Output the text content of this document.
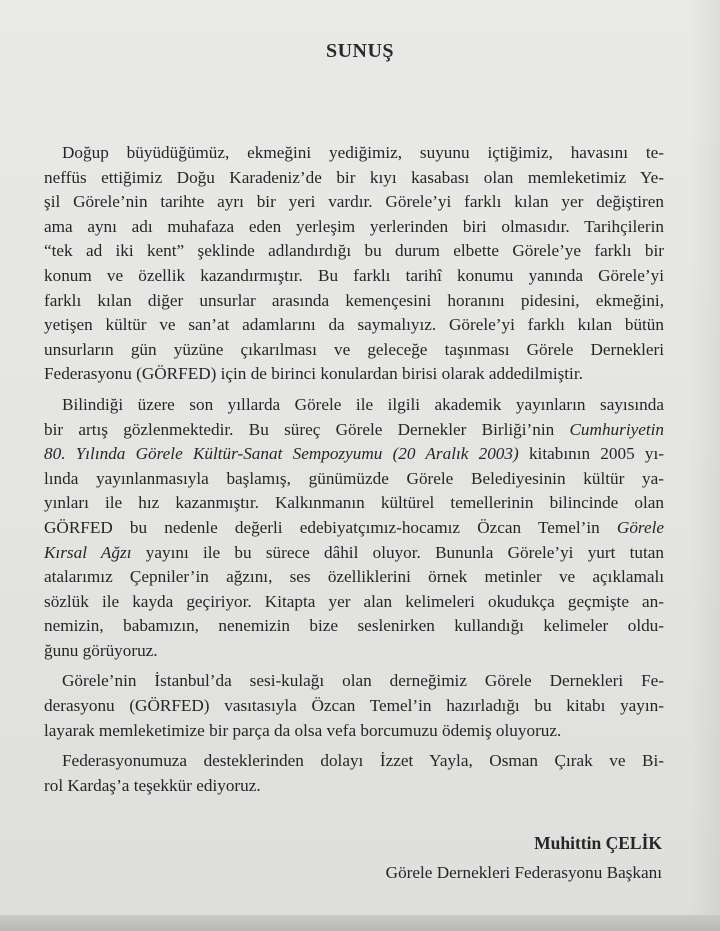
SUNUŞ
Doğup büyüdüğümüz, ekmeğini yediğimiz, suyunu içtiğimiz, havasını te-
neffüs ettiğimiz Doğu Karadeniz’de bir kıyı kasabası olan memleketimiz Ye-
şil Görele’nin tarihte ayrı bir yeri vardır. Görele’yi farklı kılan yer değiştiren
ama aynı adı muhafaza eden yerleşim yerlerinden biri olmasıdır. Tarihçilerin
“tek ad iki kent” şeklinde adlandırdığı bu durum elbette Görele’ye farklı bir
konum ve özellik kazandırmıştır. Bu farklı tarihî konumu yanında Görele’yi
farklı kılan diğer unsurlar arasında kemençesini horanını pidesini, ekmeğini,
yetişen kültür ve san’at adamlarını da saymalıyız. Görele’yi farklı kılan bütün
unsurların gün yüzüne çıkarılması ve geleceğe taşınması Görele Dernekleri
Federasyonu (GÖRFED) için de birinci konulardan birisi olarak addedilmiştir.
Bilindiği üzere son yıllarda Görele ile ilgili akademik yayınların sayısında
bir artış gözlenmektedir. Bu süreç Görele Dernekler Birliği’nin Cumhuriyetin
80. Yılında Görele Kültür-Sanat Sempozyumu (20 Aralık 2003) kitabının 2005 yı-
lında yayınlanmasıyla başlamış, günümüzde Görele Belediyesinin kültür ya-
yınları ile hız kazanmıştır. Kalkınmanın kültürel temellerinin bilincinde olan
GÖRFED bu nedenle değerli edebiyatçımız-hocamız Özcan Temel’in Görele
Kırsal Ağzı yayını ile bu sürece dâhil oluyor. Bununla Görele’yi yurt tutan
atalarımız Çepniler’in ağzını, ses özelliklerini örnek metinler ve açıklamalı
sözlük ile kayda geçiriyor. Kitapta yer alan kelimeleri okudukça geçmişte an-
nemizin, babamızın, nenemizin bize seslenirken kullandığı kelimeler oldu-
ğunu görüyoruz.
Görele’nin İstanbul’da sesi-kulağı olan derneğimiz Görele Dernekleri Fe-
derasyonu (GÖRFED) vasıtasıyla Özcan Temel’in hazırladığı bu kitabı yayın-
layarak memleketimize bir parça da olsa vefa borcumuzu ödemiş oluyoruz.
Federasyonumuza desteklerinden dolayı İzzet Yayla, Osman Çırak ve Bi-
rol Kardaş’a teşekkür ediyoruz.
Muhittin ÇELİK
Görele Dernekleri Federasyonu Başkanı
